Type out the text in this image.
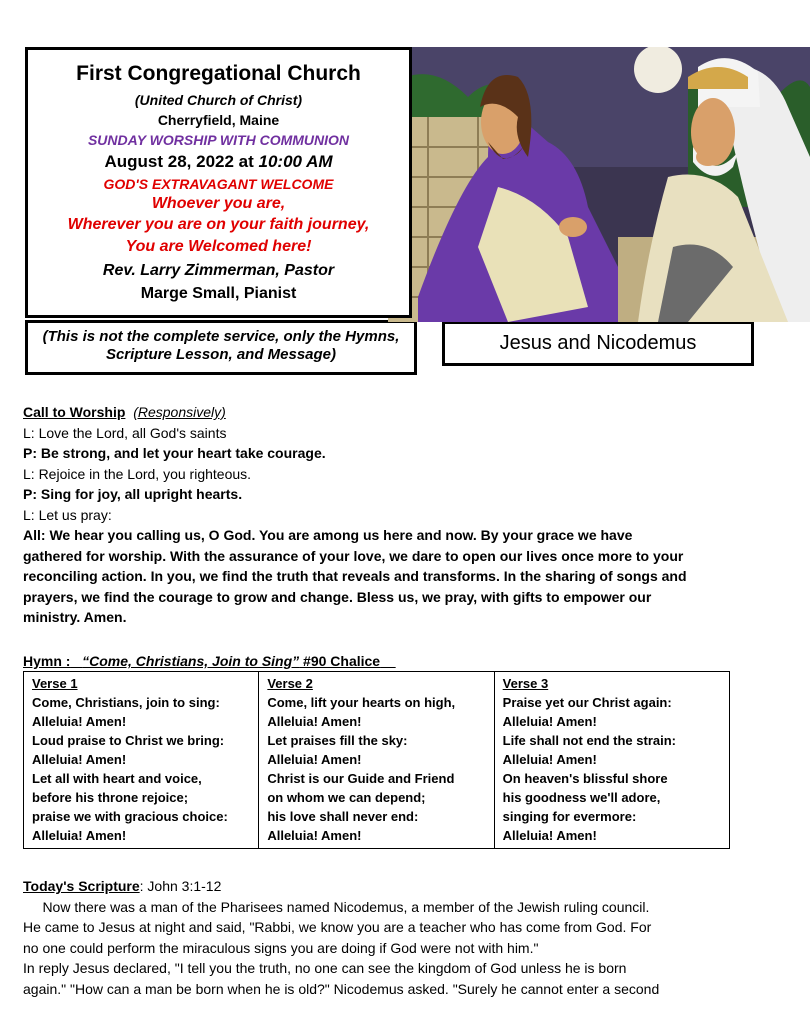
First Congregational Church
(United Church of Christ)
Cherryfield, Maine
SUNDAY WORSHIP WITH COMMUNION
August 28, 2022 at 10:00 AM
GOD'S EXTRAVAGANT WELCOME
Whoever you are,
Wherever you are on your faith journey,
You are Welcomed here!
Rev. Larry Zimmerman, Pastor
Marge Small, Pianist
(This is not the complete service, only the Hymns, Scripture Lesson, and Message)
Jesus and Nicodemus
Call to Worship (Responsively)
L: Love the Lord, all God's saints
P: Be strong, and let your heart take courage.
L: Rejoice in the Lord, you righteous.
P: Sing for joy, all upright hearts.
L: Let us pray:
All: We hear you calling us, O God. You are among us here and now. By your grace we have
gathered for worship. With the assurance of your love, we dare to open our lives once more to your
reconciling action. In you, we find the truth that reveals and transforms. In the sharing of songs and
prayers, we find the courage to grow and change. Bless us, we pray, with gifts to empower our
ministry. Amen.
Hymn : “Come, Christians, Join to Sing” #90 Chalice
Verse 1
Come, Christians, join to sing:
Alleluia! Amen!
Loud praise to Christ we bring:
Alleluia! Amen!
Let all with heart and voice,
before his throne rejoice;
praise we with gracious choice:
Alleluia! Amen!

Verse 2
Come, lift your hearts on high,
Alleluia! Amen!
Let praises fill the sky:
Alleluia! Amen!
Christ is our Guide and Friend
on whom we can depend;
his love shall never end:
Alleluia! Amen!

Verse 3
Praise yet our Christ again:
Alleluia! Amen!
Life shall not end the strain:
Alleluia! Amen!
On heaven's blissful shore
his goodness we'll adore,
singing for evermore:
Alleluia! Amen!
Today's Scripture: John 3:1-12
Now there was a man of the Pharisees named Nicodemus, a member of the Jewish ruling council.
He came to Jesus at night and said, "Rabbi, we know you are a teacher who has come from God. For
no one could perform the miraculous signs you are doing if God were not with him."
In reply Jesus declared, "I tell you the truth, no one can see the kingdom of God unless he is born
again." "How can a man be born when he is old?" Nicodemus asked. "Surely he cannot enter a second
